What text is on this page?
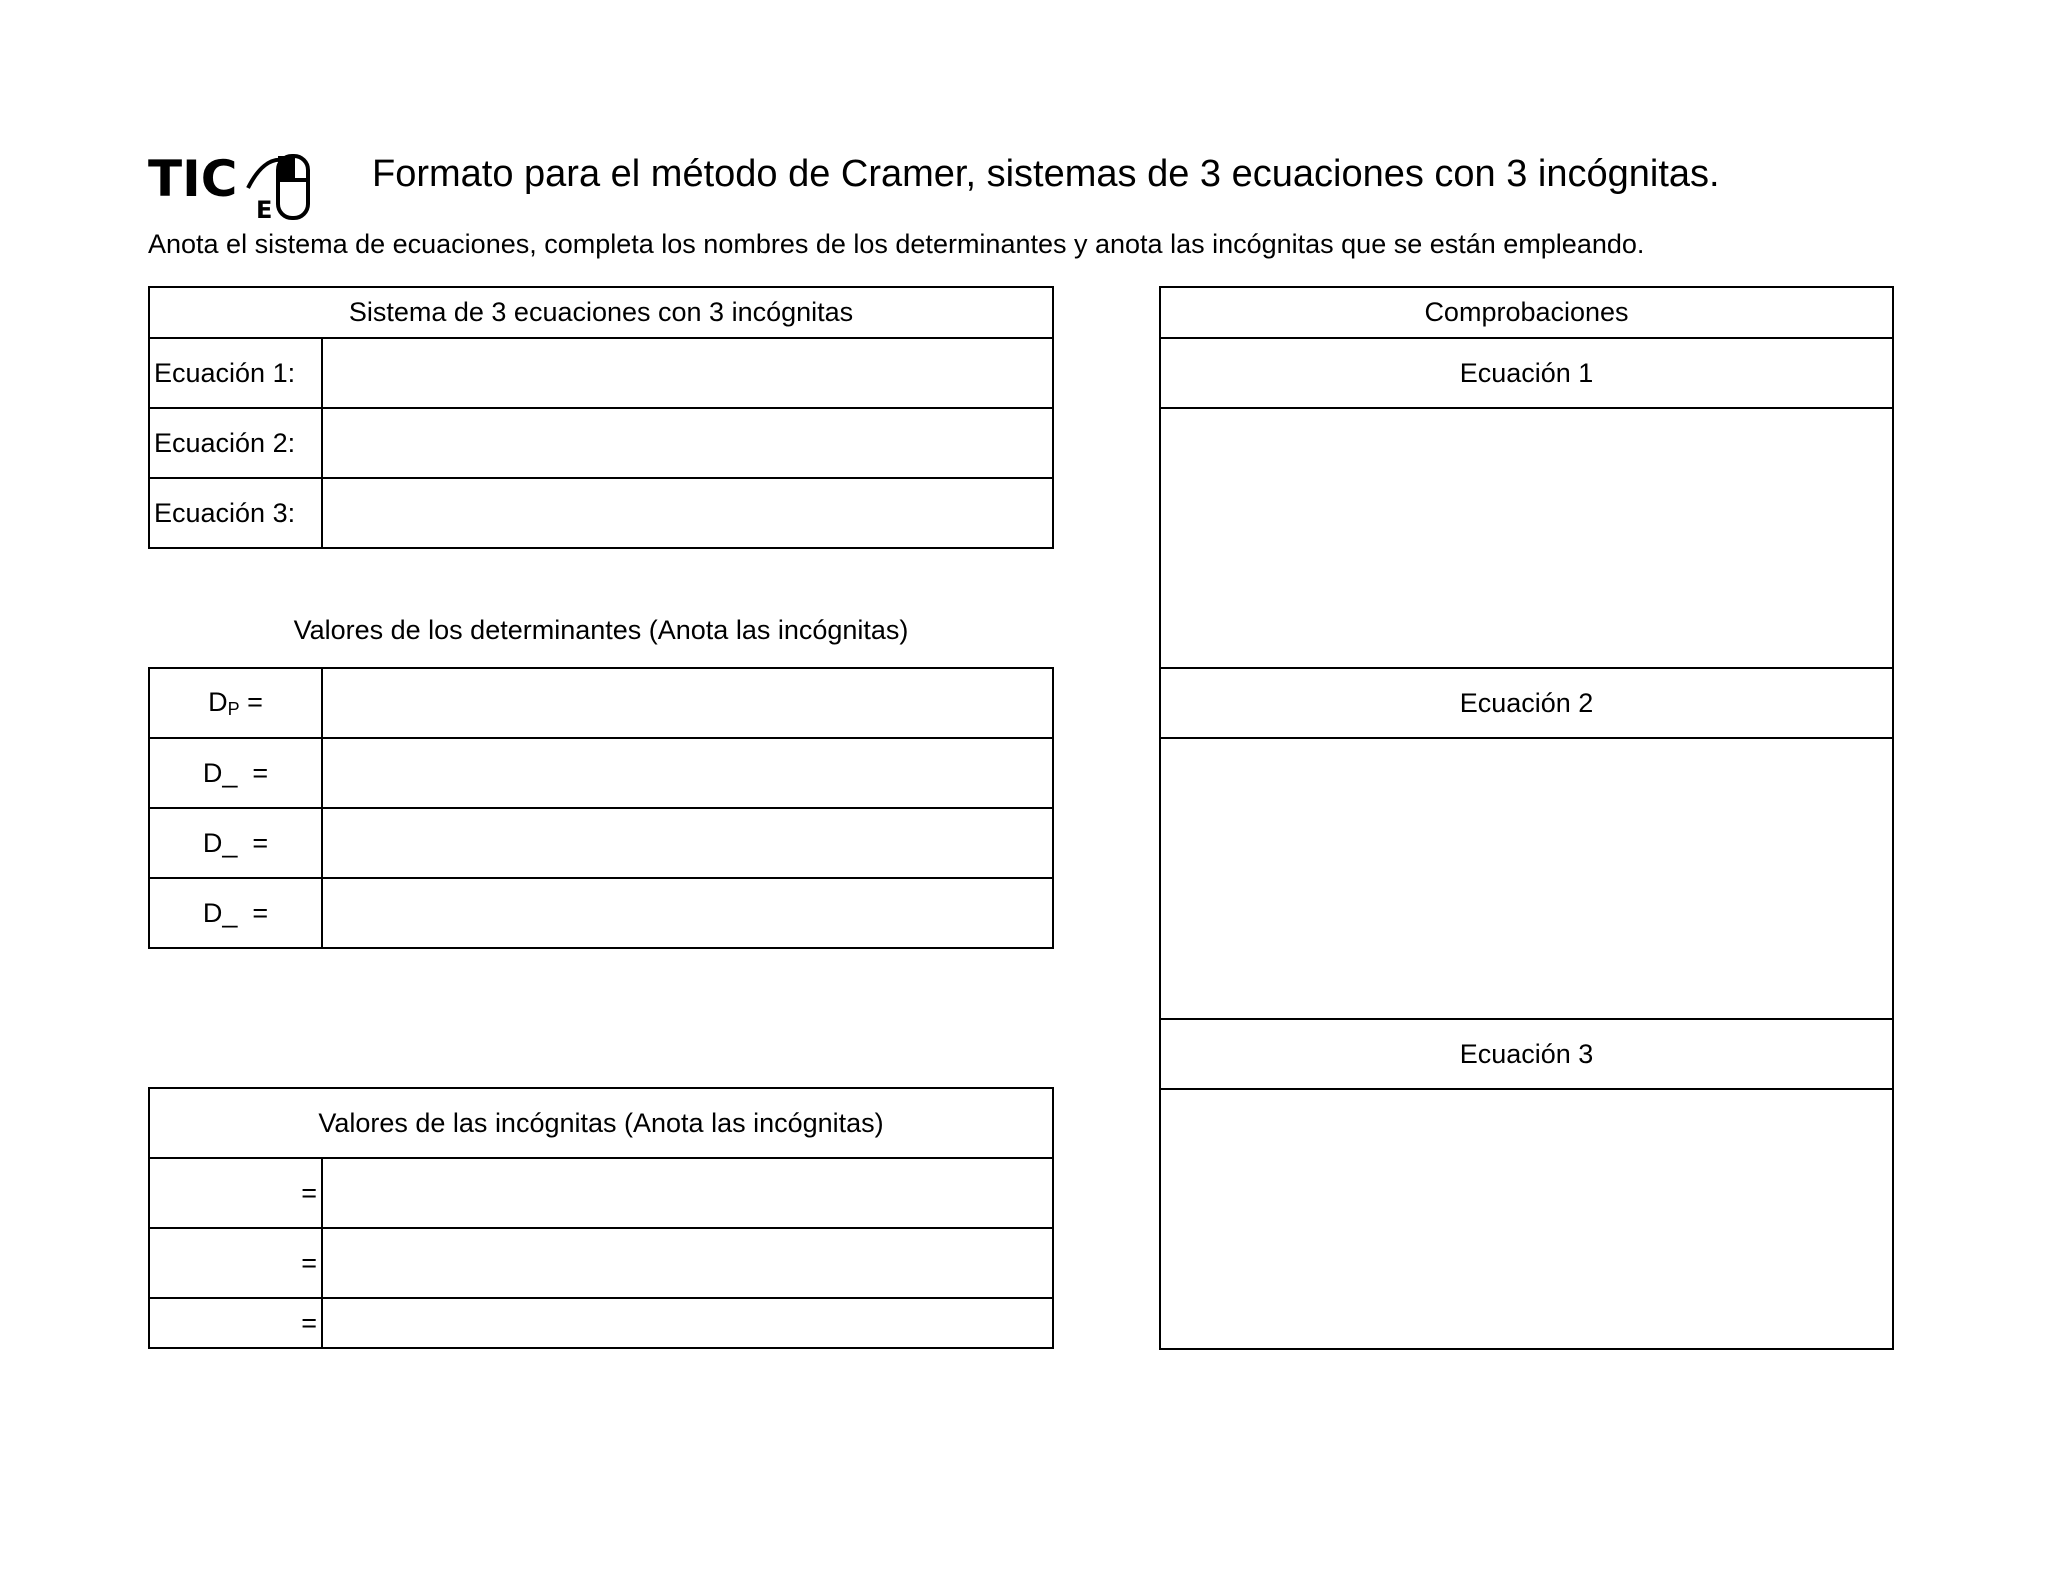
TIC
E
Formato para el método de Cramer, sistemas de 3 ecuaciones con 3 incógnitas.
Anota el sistema de ecuaciones, completa los nombres de los determinantes y anota las incógnitas que se están empleando.
Sistema de 3 ecuaciones con 3 incógnitas	
Ecuación 1:	
Ecuación 2:	
Ecuación 3:	
Valores de los determinantes (Anota las incógnitas)
$D_P$ =	
D_  =	
D_  =	
D_  =	
Valores de las incógnitas (Anota las incógnitas)	
=	
=	
=	
Comprobaciones
Ecuación 1

Ecuación 2

Ecuación 3
